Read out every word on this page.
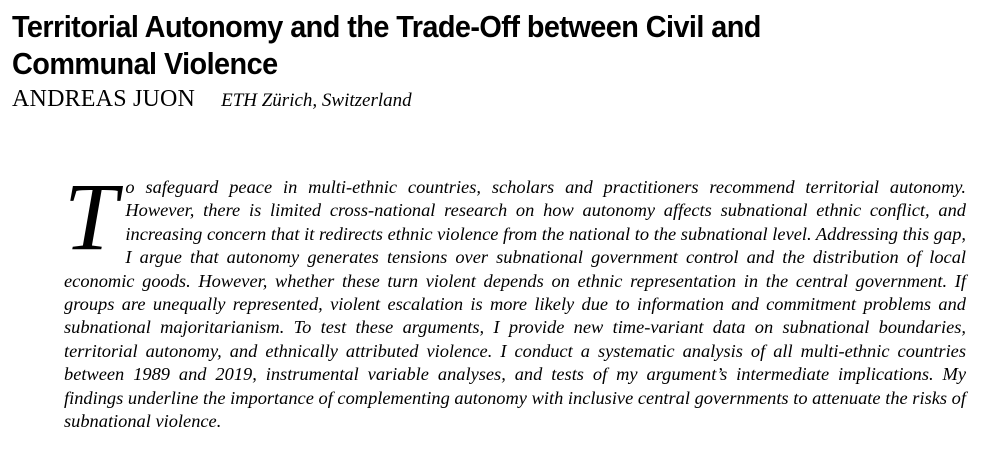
Territorial Autonomy and the Trade-Off between Civil and Communal Violence
ANDREAS JUON ETH Zürich, Switzerland

To safeguard peace in multi-ethnic countries, scholars and practitioners recommend territorial autonomy. However, there is limited cross-national research on how autonomy affects subnational ethnic conflict, and increasing concern that it redirects ethnic violence from the national to the subnational level. Addressing this gap, I argue that autonomy generates tensions over subnational government control and the distribution of local economic goods. However, whether these turn violent depends on ethnic representation in the central government. If groups are unequally represented, violent escalation is more likely due to information and commitment problems and subnational majoritarianism. To test these arguments, I provide new time-variant data on subnational boundaries, territorial autonomy, and ethnically attributed violence. I conduct a systematic analysis of all multi-ethnic countries between 1989 and 2019, instrumental variable analyses, and tests of my argument’s intermediate implications. My findings underline the importance of complementing autonomy with inclusive central governments to attenuate the risks of subnational violence.
